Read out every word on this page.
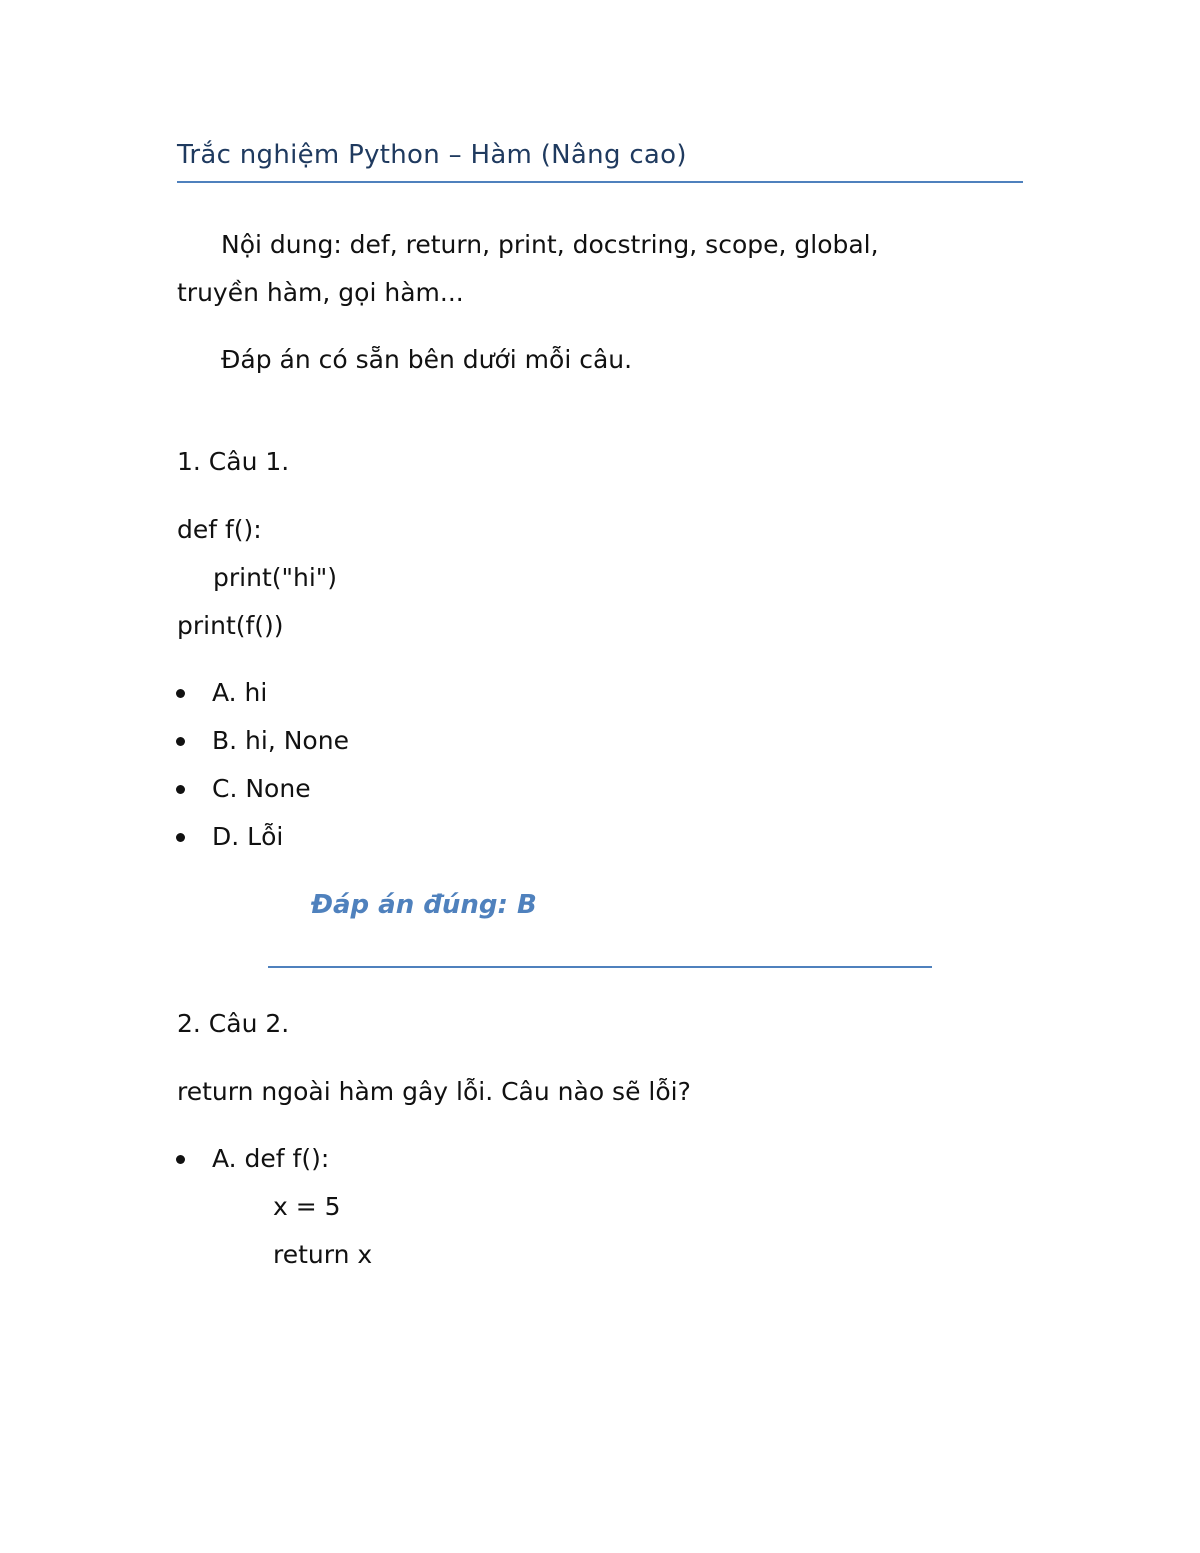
Trắc nghiệm Python – Hàm (Nâng cao)
Nội dung: def, return, print, docstring, scope, global,
truyền hàm, gọi hàm...
Đáp án có sẵn bên dưới mỗi câu.
1. Câu 1.
def f():
print("hi")
print(f())
A. hi
B. hi, None
C. None
D. Lỗi
Đáp án đúng: B
2. Câu 2.
return ngoài hàm gây lỗi. Câu nào sẽ lỗi?
A. def f():
x = 5
return x
